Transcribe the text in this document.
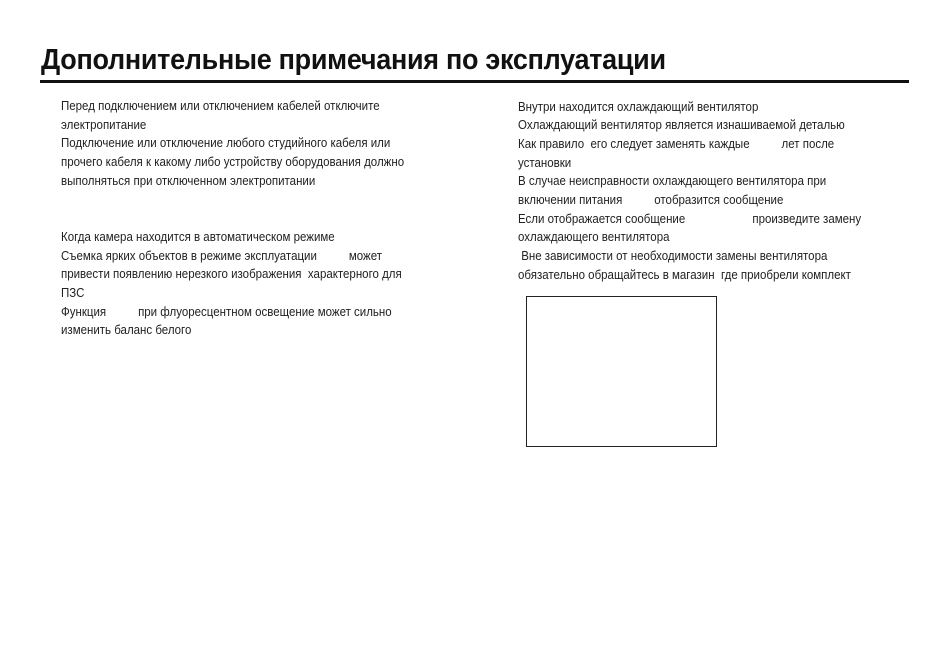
Дополнительные примечания по эксплуатации

Перед подключением или отключением кабелей отключите

электропитание

Подключение или отключение любого студийного кабеля или

прочего кабеля к какому либо устройству оборудования должно

выполняться при отключенном электропитании

Когда камера находится в автоматическом режиме

Съемка ярких объектов в режиме эксплуатации          может

привести появлению нерезкого изображения  характерного для

ПЗС

Функция          при флуоресцентном освещение может сильно

изменить баланс белого

Внутри находится охлаждающий вентилятор

Охлаждающий вентилятор является изнашиваемой деталью

Как правило  его следует заменять каждые          лет после

установки

В случае неисправности охлаждающего вентилятора при

включении питания          отобразится сообщение

Если отображается сообщение                     произведите замену

охлаждающего вентилятора

Вне зависимости от необходимости замены вентилятора

обязательно обращайтесь в магазин  где приобрели комплект
